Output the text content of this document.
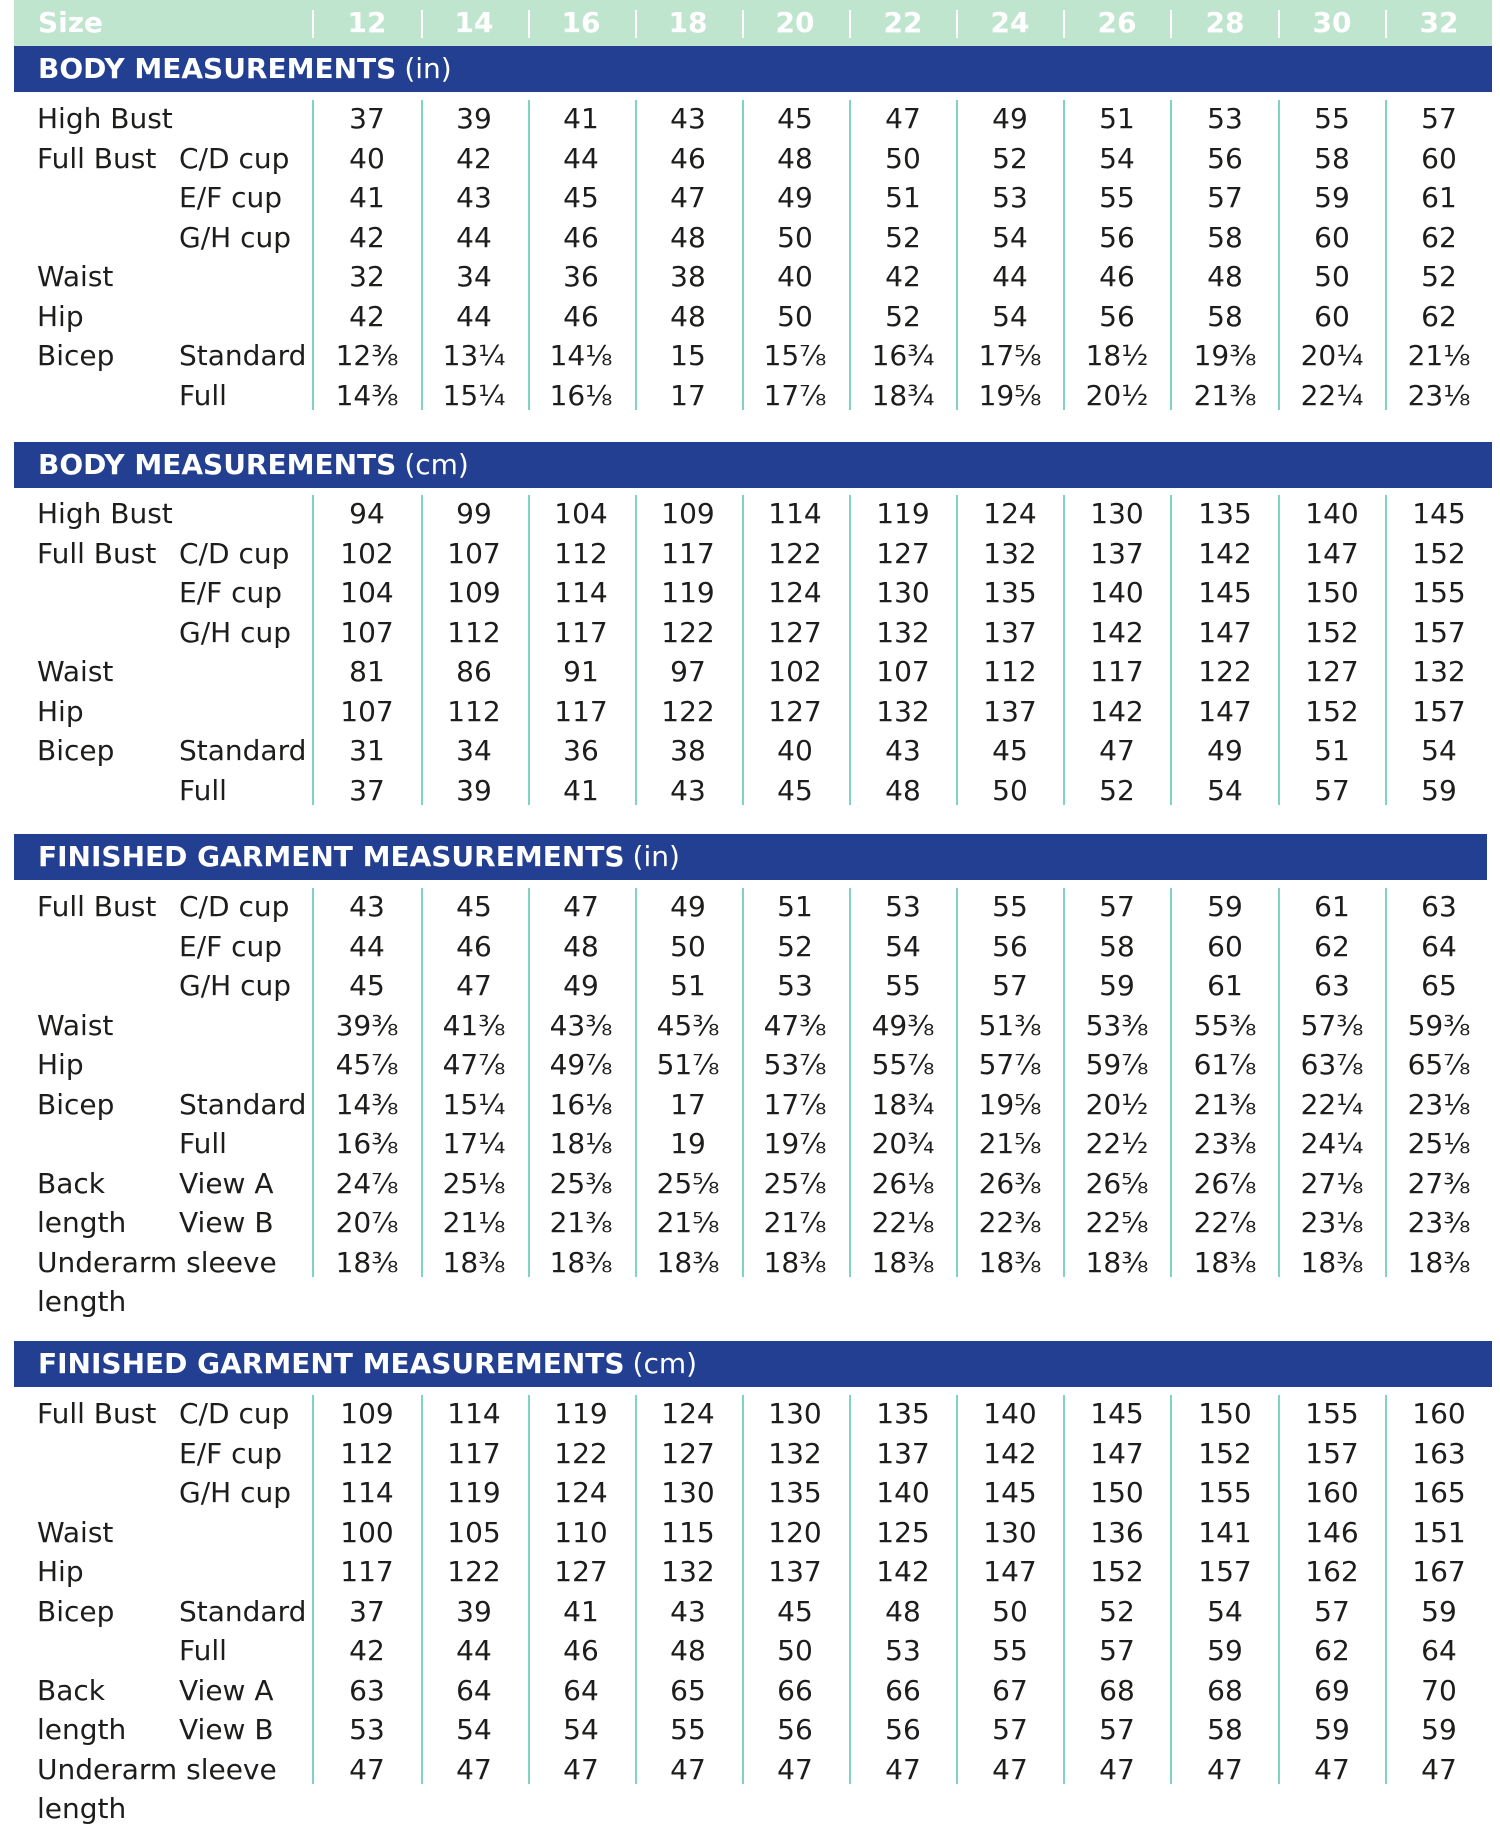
Size	12	14	16	18	20	22	24	26	28	30	32
BODY MEASUREMENTS (in)
High Bust	37	39	41	43	45	47	49	51	53	55	57
Full Bust C/D cup	40	42	44	46	48	50	52	54	56	58	60
E/F cup	41	43	45	47	49	51	53	55	57	59	61
G/H cup	42	44	46	48	50	52	54	56	58	60	62
Waist	32	34	36	38	40	42	44	46	48	50	52
Hip	42	44	46	48	50	52	54	56	58	60	62
Bicep Standard	12⅜	13¼	14⅛	15	15⅞	16¾	17⅝	18½	19⅜	20¼	21⅛
Full	14⅜	15¼	16⅛	17	17⅞	18¾	19⅝	20½	21⅜	22¼	23⅛
BODY MEASUREMENTS (cm)
High Bust	94	99	104	109	114	119	124	130	135	140	145
Full Bust C/D cup	102	107	112	117	122	127	132	137	142	147	152
E/F cup	104	109	114	119	124	130	135	140	145	150	155
G/H cup	107	112	117	122	127	132	137	142	147	152	157
Waist	81	86	91	97	102	107	112	117	122	127	132
Hip	107	112	117	122	127	132	137	142	147	152	157
Bicep Standard	31	34	36	38	40	43	45	47	49	51	54
Full	37	39	41	43	45	48	50	52	54	57	59
FINISHED GARMENT MEASUREMENTS (in)
Full Bust C/D cup	43	45	47	49	51	53	55	57	59	61	63
E/F cup	44	46	48	50	52	54	56	58	60	62	64
G/H cup	45	47	49	51	53	55	57	59	61	63	65
Waist	39⅜	41⅜	43⅜	45⅜	47⅜	49⅜	51⅜	53⅜	55⅜	57⅜	59⅜
Hip	45⅞	47⅞	49⅞	51⅞	53⅞	55⅞	57⅞	59⅞	61⅞	63⅞	65⅞
Bicep Standard	14⅜	15¼	16⅛	17	17⅞	18¾	19⅝	20½	21⅜	22¼	23⅛
Full	16⅜	17¼	18⅛	19	19⅞	20¾	21⅝	22½	23⅜	24¼	25⅛
Back	View A	24⅞	25⅛	25⅜	25⅝	25⅞	26⅛	26⅜	26⅝	26⅞	27⅛	27⅜
length View B	20⅞	21⅛	21⅜	21⅝	21⅞	22⅛	22⅜	22⅝	22⅞	23⅛	23⅜
Underarm sleeve	18⅜	18⅜	18⅜	18⅜	18⅜	18⅜	18⅜	18⅜	18⅜	18⅜	18⅜
length
FINISHED GARMENT MEASUREMENTS (cm)
Full Bust C/D cup	109	114	119	124	130	135	140	145	150	155	160
E/F cup	112	117	122	127	132	137	142	147	152	157	163
G/H cup	114	119	124	130	135	140	145	150	155	160	165
Waist	100	105	110	115	120	125	130	136	141	146	151
Hip	117	122	127	132	137	142	147	152	157	162	167
Bicep Standard	37	39	41	43	45	48	50	52	54	57	59
Full	42	44	46	48	50	53	55	57	59	62	64
Back	View A	63	64	64	65	66	66	67	68	68	69	70
length View B	53	54	54	55	56	56	57	57	58	59	59
Underarm sleeve	47	47	47	47	47	47	47	47	47	47	47
length
